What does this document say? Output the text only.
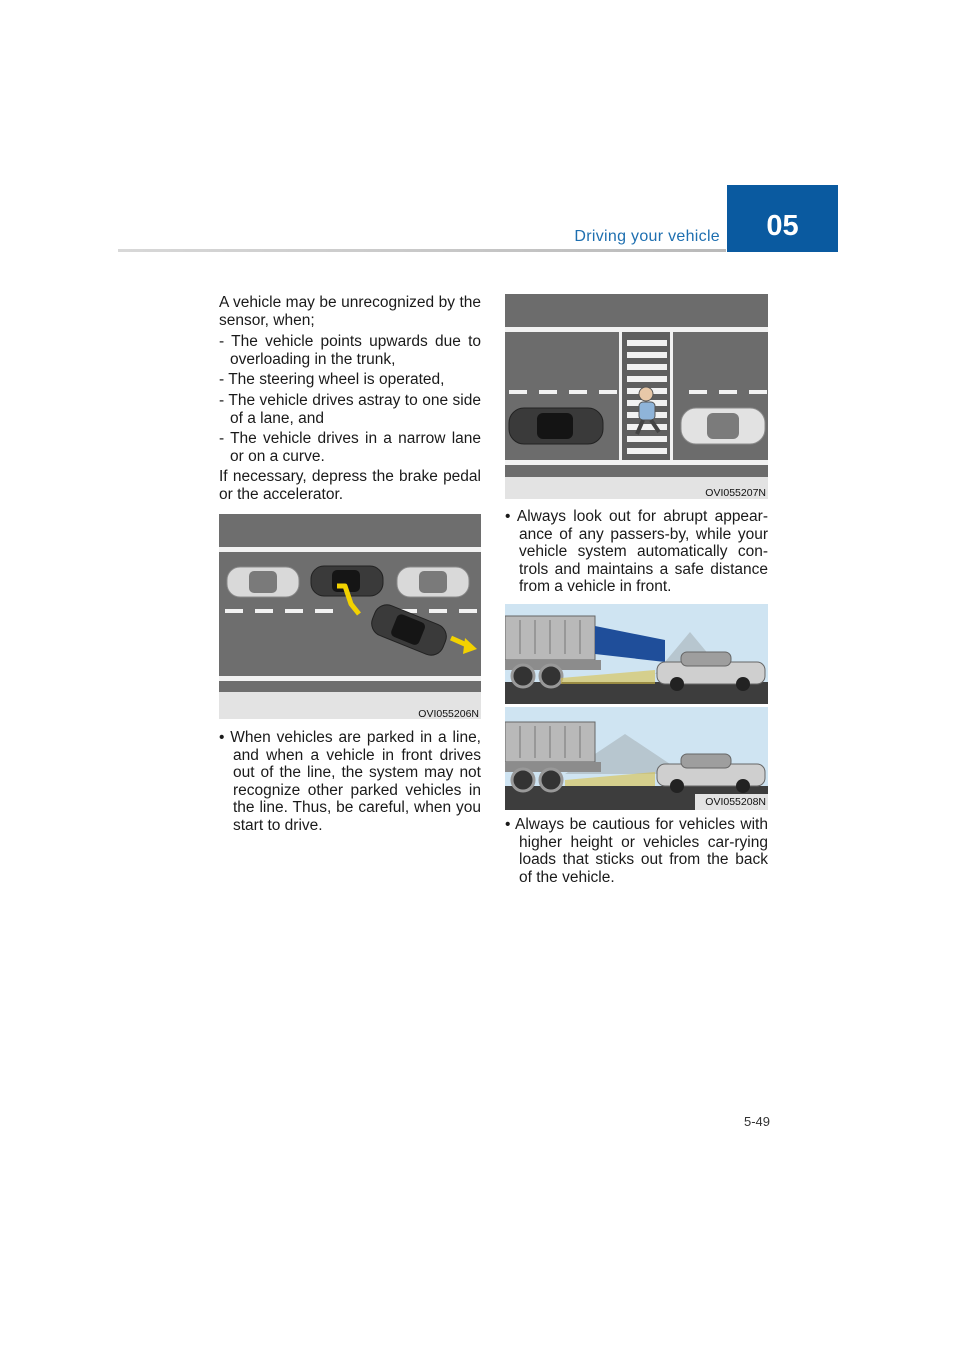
Driving your vehicle	05

A vehicle may be unrecognized by the sensor, when;

- The vehicle points upwards due to overloading in the trunk,

- The steering wheel is operated,

- The vehicle drives astray to one side of a lane, and

- The vehicle drives in a narrow lane or on a curve.

If necessary, depress the brake pedal or the accelerator.

OVI055206N

• When vehicles are parked in a line, and when a vehicle in front drives out of the line, the system may not recognize other parked vehicles in the line. Thus, be careful, when you start to drive.

OVI055207N

• Always look out for abrupt appear-ance of any passers-by, while your vehicle system automatically con-trols and maintains a safe distance from a vehicle in front.

OVI055208N

• Always be cautious for vehicles with higher height or vehicles car-rying loads that sticks out from the back of the vehicle.

5-49
